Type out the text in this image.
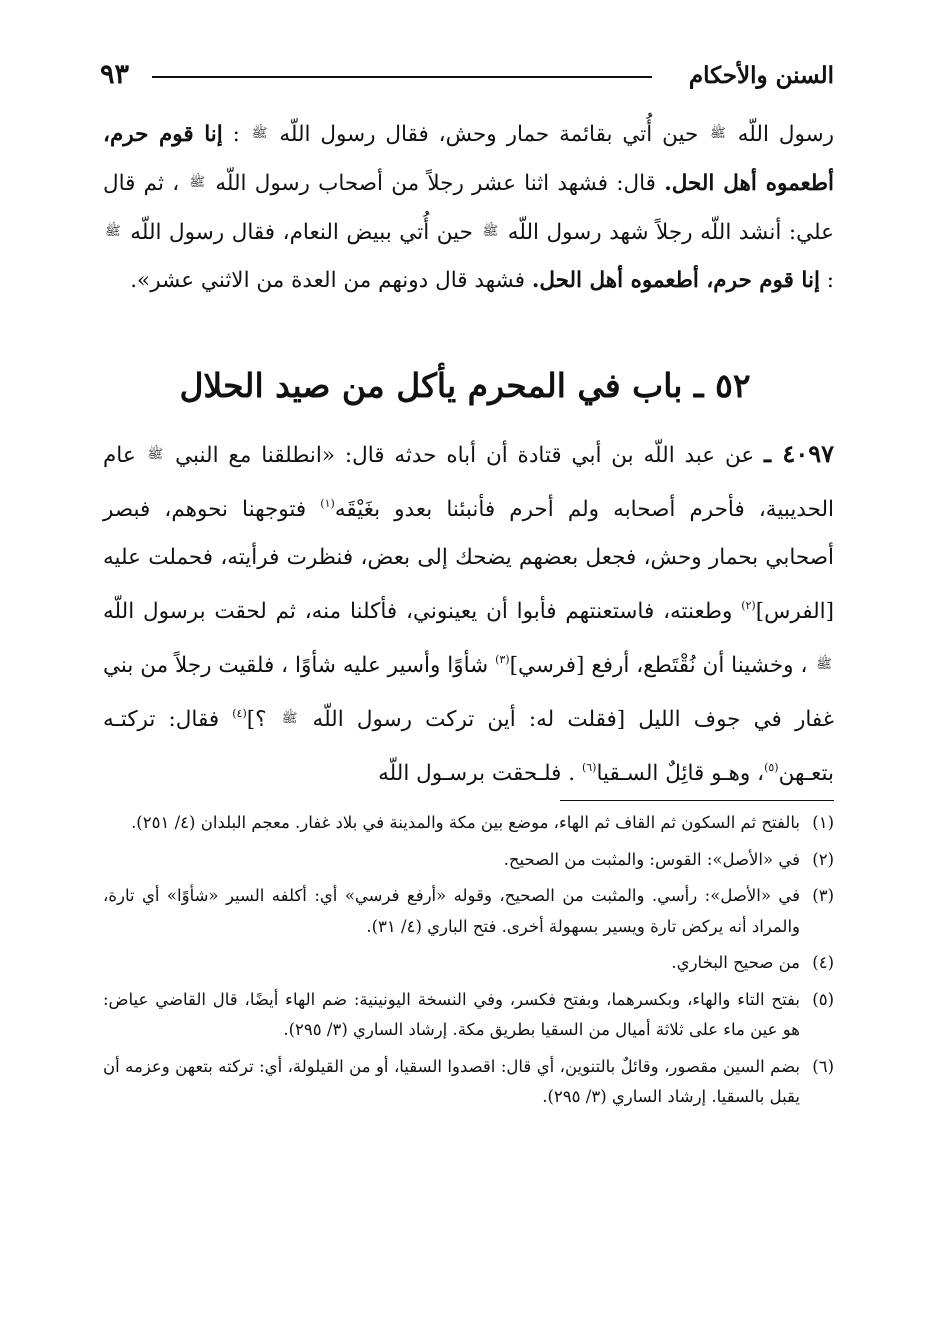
السنن والأحكام
٩٣

رسول اللّه ﷺ حين أُتي بقائمة حمار وحش، فقال رسول اللّه ﷺ : إنا قوم حرم، أطعموه أهل الحل. قال: فشهد اثنا عشر رجلاً من أصحاب رسول اللّه ﷺ ، ثم قال علي: أنشد اللّه رجلاً شهد رسول اللّه ﷺ حين أُتي ببيض النعام، فقال رسول اللّه ﷺ : إنا قوم حرم، أطعموه أهل الحل. فشهد قال دونهم من العدة من الاثني عشر».

٥٢ ـ باب في المحرم يأكل من صيد الحلال

٤٠٩٧ ـ عن عبد اللّه بن أبي قتادة أن أباه حدثه قال: «انطلقنا مع النبي ﷺ عام الحديبية، فأحرم أصحابه ولم أحرم فأنبئنا بعدو بغَيْقَه$^{(١)}$ فتوجهنا نحوهم، فبصر أصحابي بحمار وحش، فجعل بعضهم يضحك إلى بعض، فنظرت فرأيته، فحملت عليه [الفرس]$^{(٢)}$ وطعنته، فاستعنتهم فأبوا أن يعينوني، فأكلنا منه، ثم لحقت برسول اللّه ﷺ ، وخشينا أن نُقْتَطع، أرفع [فرسي]$^{(٣)}$ شأوًا وأسير عليه شأوًا ، فلقيت رجلاً من بني غفار في جوف الليل [فقلت له: أين تركت رسول اللّه ﷺ ؟]$^{(٤)}$ فقال: تركتـه بتعـهن$^{(٥)}$، وهـو قائِلٌ السـقيا$^{(٦)}$ . فلـحقت برسـول اللّه

(١)
بالفتح ثم السكون ثم القاف ثم الهاء، موضع بين مكة والمدينة في بلاد غفار. معجم البلدان (٤/ ٢٥١).
(٢)
في «الأصل»: القوس: والمثبت من الصحيح.
(٣)
في «الأصل»: رأسي. والمثبت من الصحيح، وقوله «أرفع فرسي» أي: أكلفه السير «شأوًا» أي تارة، والمراد أنه يركض تارة ويسير بسهولة أخرى. فتح الباري (٤/ ٣١).
(٤)
من صحيح البخاري.
(٥)
بفتح التاء والهاء، وبكسرهما، وبفتح فكسر، وفي النسخة اليونينية: ضم الهاء أيضًا، قال القاضي عياض: هو عين ماء على ثلاثة أميال من السقيا بطريق مكة. إرشاد الساري (٣/ ٢٩٥).
(٦)
بضم السين مقصور، وقائلٌ بالتنوين، أي قال: اقصدوا السقيا، أو من القيلولة، أي: تركته بتعهن وعزمه أن يقبل بالسقيا. إرشاد الساري (٣/ ٢٩٥).
